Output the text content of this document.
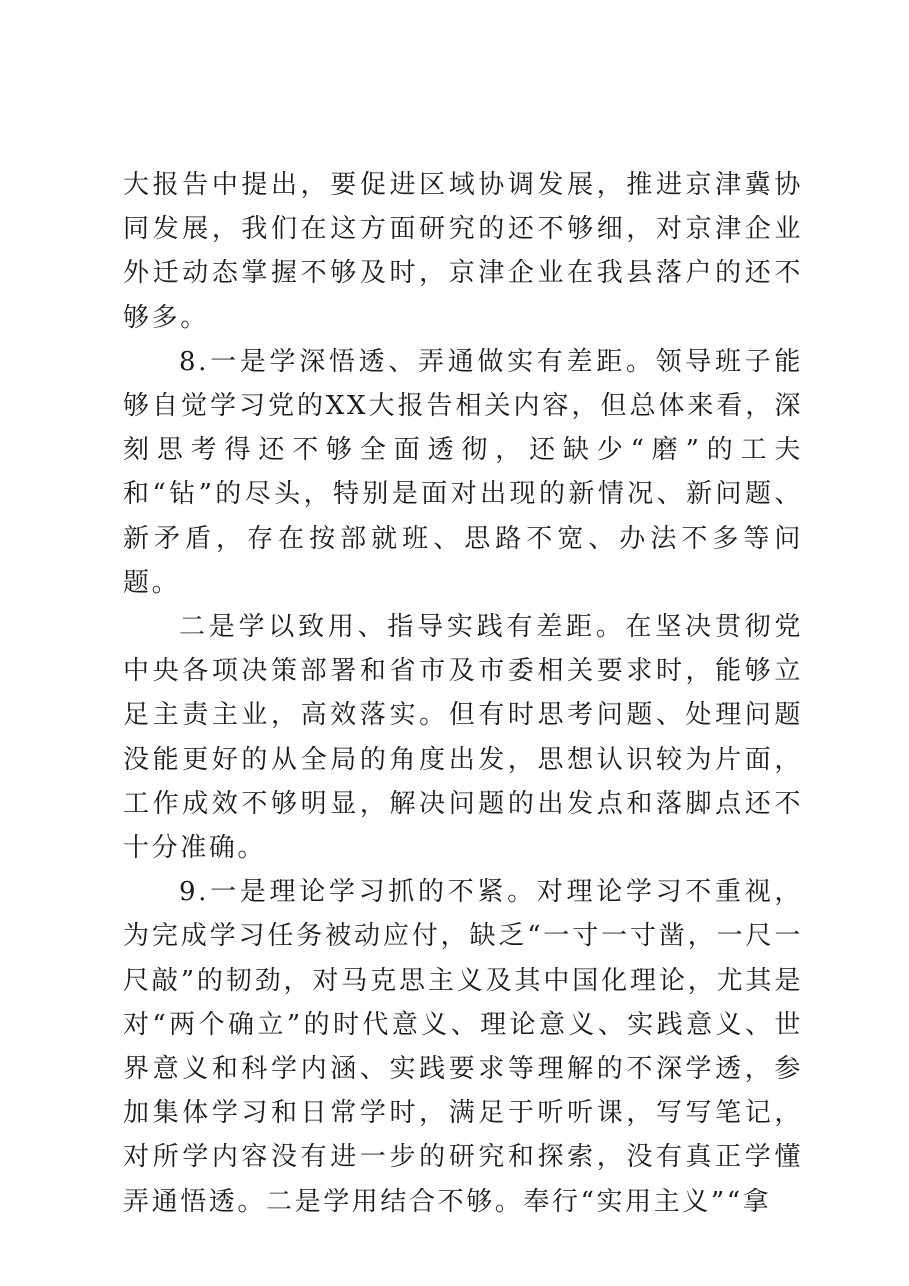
大报告中提出，要促进区域协调发展，推进京津冀协同发展，我们在这方面研究的还不够细，对京津企业外迁动态掌握不够及时，京津企业在我县落户的还不够多。

8.一是学深悟透、弄通做实有差距。领导班子能够自觉学习党的XX大报告相关内容，但总体来看，深刻思考得还不够全面透彻，还缺少“磨”的工夫和“钻”的尽头，特别是面对出现的新情况、新问题、新矛盾，存在按部就班、思路不宽、办法不多等问题。

二是学以致用、指导实践有差距。在坚决贯彻党中央各项决策部署和省市及市委相关要求时，能够立足主责主业，高效落实。但有时思考问题、处理问题没能更好的从全局的角度出发，思想认识较为片面，工作成效不够明显，解决问题的出发点和落脚点还不十分准确。

9.一是理论学习抓的不紧。对理论学习不重视，为完成学习任务被动应付，缺乏“一寸一寸凿，一尺一尺敲”的韧劲，对马克思主义及其中国化理论，尤其是对“两个确立”的时代意义、理论意义、实践意义、世界意义和科学内涵、实践要求等理解的不深学透，参加集体学习和日常学时，满足于听听课，写写笔记，对所学内容没有进一步的研究和探索，没有真正学懂弄通悟透。二是学用结合不够。奉行“实用主义”“拿
